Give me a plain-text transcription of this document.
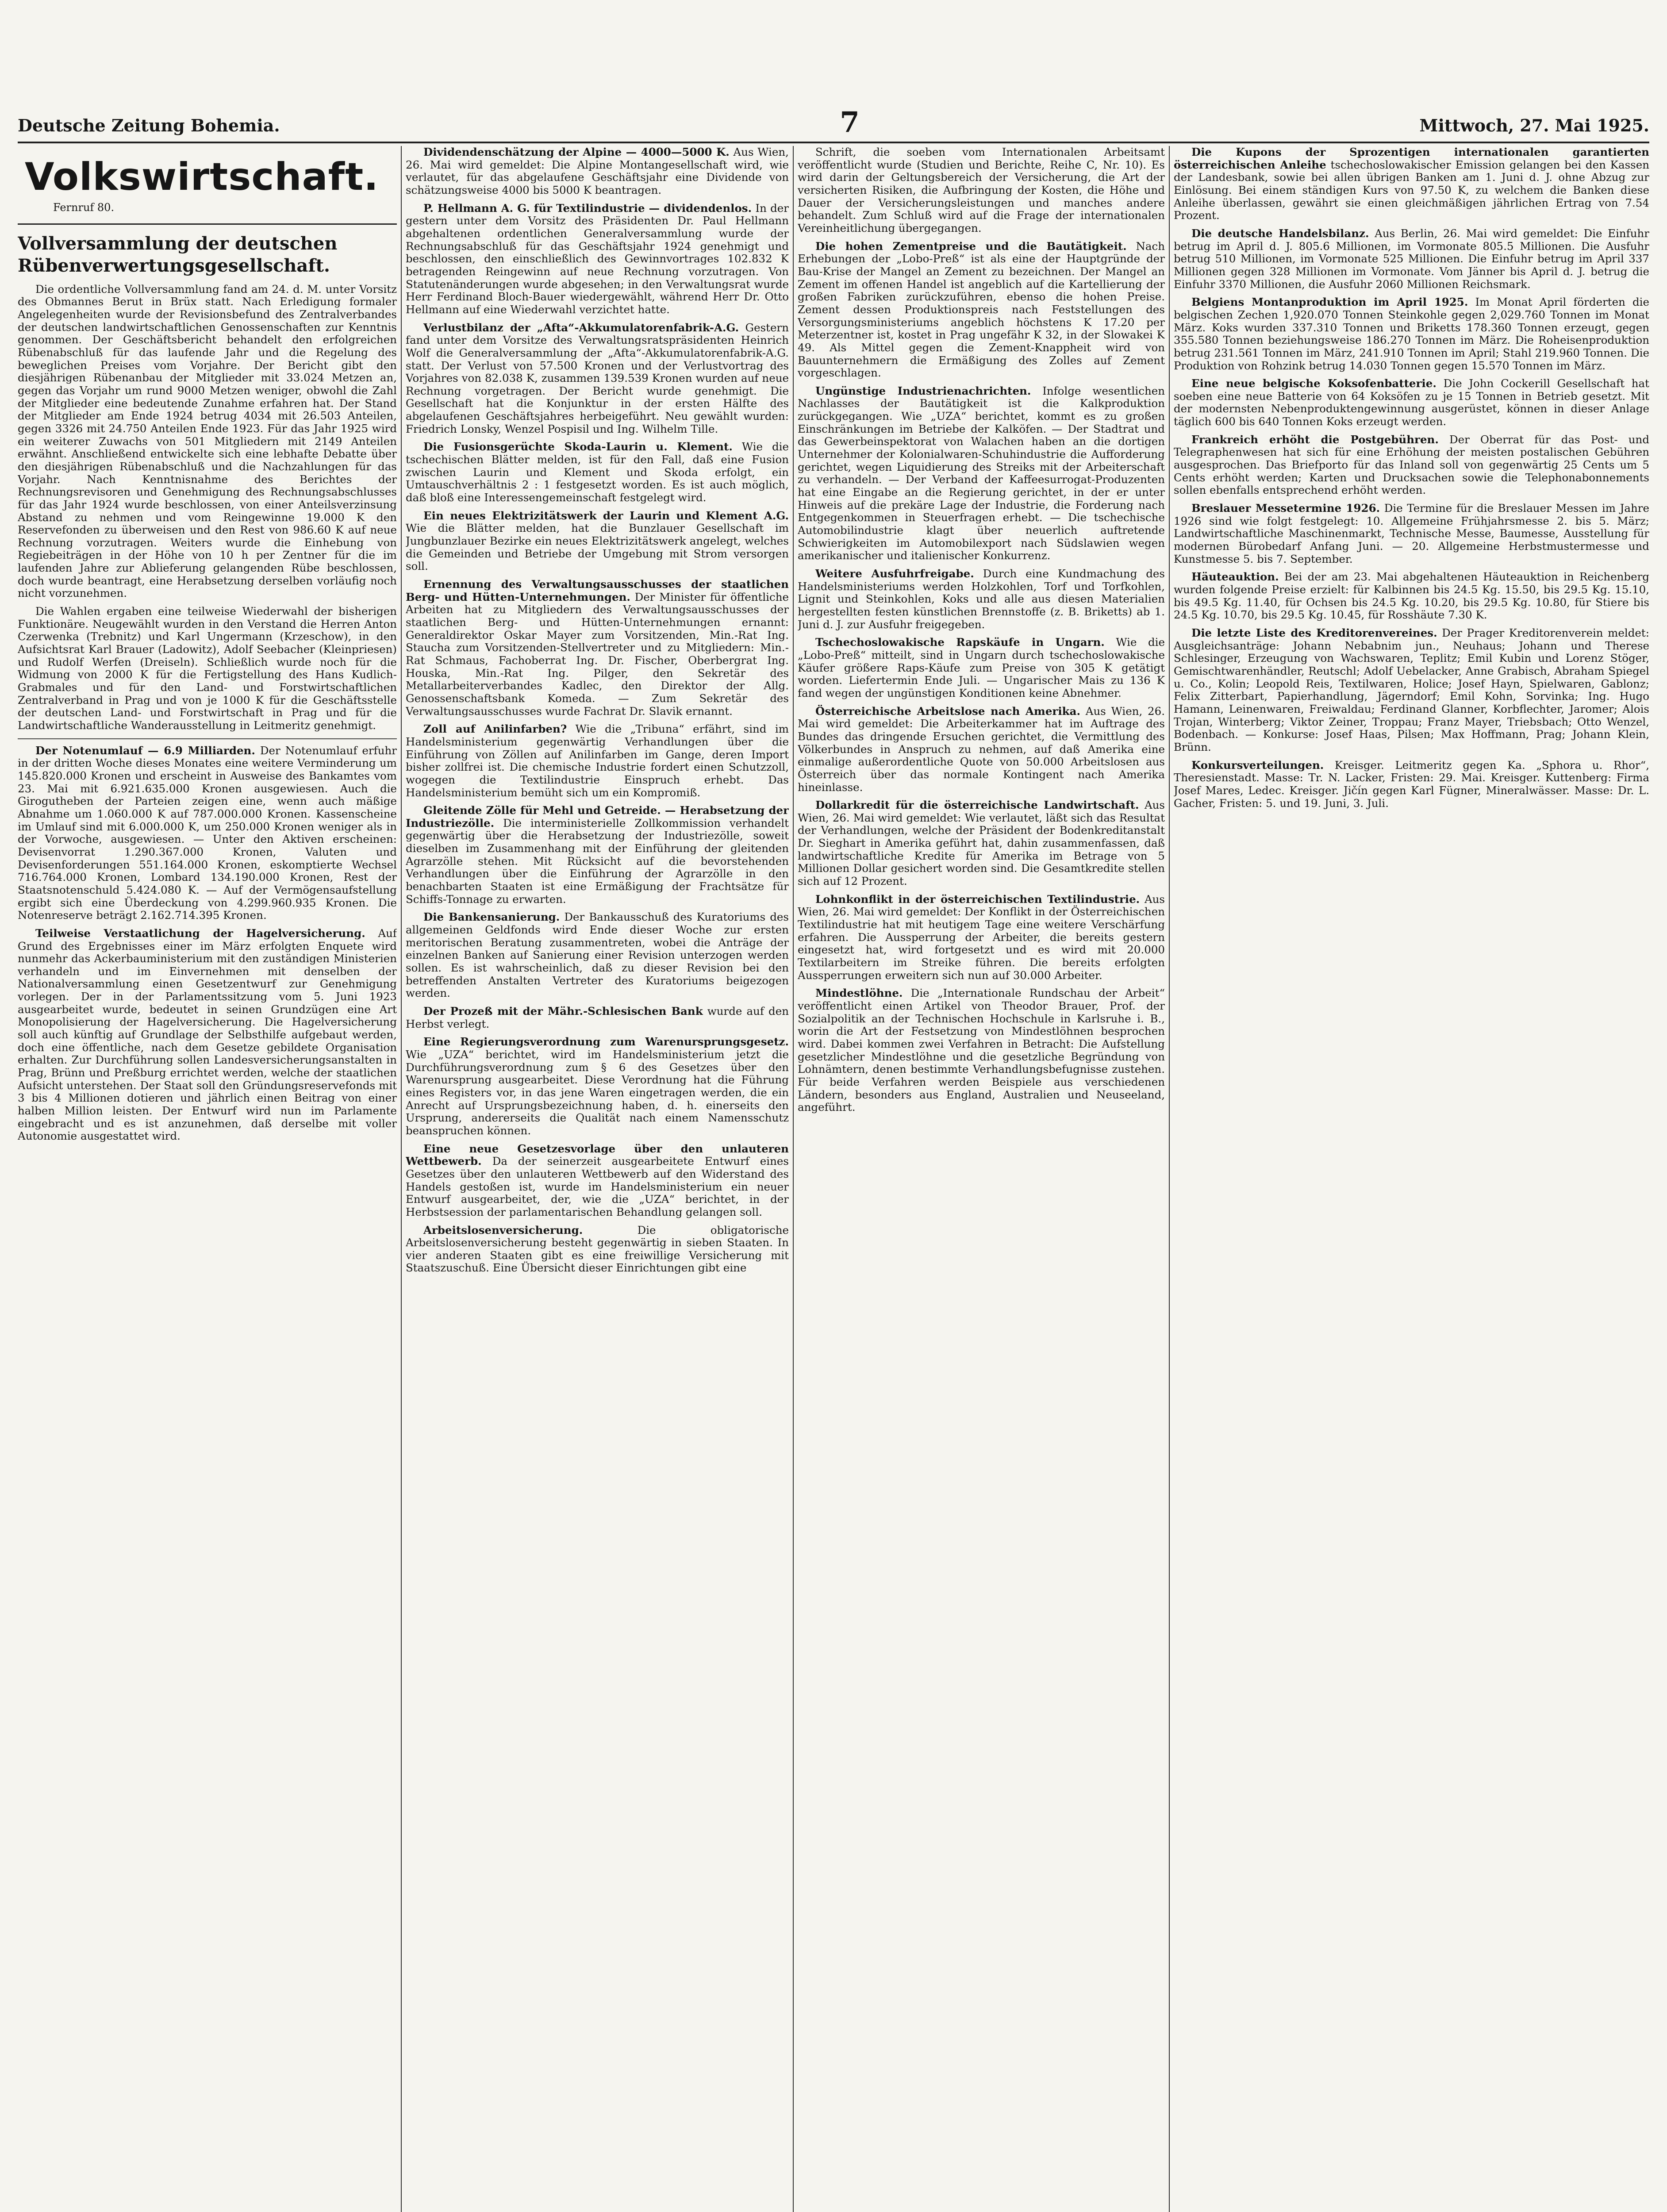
Deutsche Zeitung Bohemia.	7	Mittwoch, 27. Mai 1925.
Volkswirtschaft.
Fernruf 80.
Vollversammlung der deutschen Rübenverwertungsgesellschaft.

Die ordentliche Vollversammlung fand am 24. d. M. unter Vorsitz des Obmannes Berut in Brüx statt. Nach Erledigung formaler Angelegenheiten wurde der Revisionsbefund des Zentralverbandes der deutschen landwirtschaftlichen Genossenschaften zur Kenntnis genommen. Der Geschäftsbericht behandelt den erfolgreichen Rübenabschluß für das laufende Jahr und die Regelung des beweglichen Preises vom Vorjahre. Der Bericht gibt den diesjährigen Rübenanbau der Mitglieder mit 33.024 Metzen an, gegen das Vorjahr um rund 9000 Metzen weniger, obwohl die Zahl der Mitglieder eine bedeutende Zunahme erfahren hat. Der Stand der Mitglieder am Ende 1924 betrug 4034 mit 26.503 Anteilen, gegen 3326 mit 24.750 Anteilen Ende 1923. Für das Jahr 1925 wird ein weiterer Zuwachs von 501 Mitgliedern mit 2149 Anteilen erwähnt. Anschließend entwickelte sich eine lebhafte Debatte über den diesjährigen Rübenabschluß und die Nachzahlungen für das Vorjahr. Nach Kenntnisnahme des Berichtes der Rechnungsrevisoren und Genehmigung des Rechnungsabschlusses für das Jahr 1924 wurde beschlossen, von einer Anteilsverzinsung Abstand zu nehmen und vom Reingewinne 19.000 K den Reservefonden zu überweisen und den Rest von 986.60 K auf neue Rechnung vorzutragen. Weiters wurde die Einhebung von Regiebeiträgen in der Höhe von 10 h per Zentner für die im laufenden Jahre zur Ablieferung gelangenden Rübe beschlossen, doch wurde beantragt, eine Herabsetzung derselben vorläufig noch nicht vorzunehmen.

Die Wahlen ergaben eine teilweise Wiederwahl der bisherigen Funktionäre. Neugewählt wurden in den Verstand die Herren Anton Czerwenka (Trebnitz) und Karl Ungermann (Krzeschow), in den Aufsichtsrat Karl Brauer (Ladowitz), Adolf Seebacher (Kleinpriesen) und Rudolf Werfen (Dreiseln). Schließlich wurde noch für die Widmung von 2000 K für die Fertigstellung des Hans Kudlich-Grabmales und für den Land- und Forstwirtschaftlichen Zentralverband in Prag und von je 1000 K für die Geschäftsstelle der deutschen Land- und Forstwirtschaft in Prag und für die Landwirtschaftliche Wanderausstellung in Leitmeritz genehmigt.

Der Notenumlauf — 6.9 Milliarden. Der Notenumlauf erfuhr in der dritten Woche dieses Monates eine weitere Verminderung um 145.820.000 Kronen und erscheint in Ausweise des Bankamtes vom 23. Mai mit 6.921.635.000 Kronen ausgewiesen. Auch die Girogutheben der Parteien zeigen eine, wenn auch mäßige Abnahme um 1.060.000 K auf 787.000.000 Kronen. Kassenscheine im Umlauf sind mit 6.000.000 K, um 250.000 Kronen weniger als in der Vorwoche, ausgewiesen. — Unter den Aktiven erscheinen: Devisenvorrat 1.290.367.000 Kronen, Valuten und Devisenforderungen 551.164.000 Kronen, eskomptierte Wechsel 716.764.000 Kronen, Lombard 134.190.000 Kronen, Rest der Staatsnotenschuld 5.424.080 K. — Auf der Vermögensaufstellung ergibt sich eine Überdeckung von 4.299.960.935 Kronen. Die Notenreserve beträgt 2.162.714.395 Kronen.

Teilweise Verstaatlichung der Hagelversicherung. Auf Grund des Ergebnisses einer im März erfolgten Enquete wird nunmehr das Ackerbauministerium mit den zuständigen Ministerien verhandeln und im Einvernehmen mit denselben der Nationalversammlung einen Gesetzentwurf zur Genehmigung vorlegen. Der in der Parlamentssitzung vom 5. Juni 1923 ausgearbeitet wurde, bedeutet in seinen Grundzügen eine Art Monopolisierung der Hagelversicherung. Die Hagelversicherung soll auch künftig auf Grundlage der Selbsthilfe aufgebaut werden, doch eine öffentliche, nach dem Gesetze gebildete Organisation erhalten. Zur Durchführung sollen Landesversicherungsanstalten in Prag, Brünn und Preßburg errichtet werden, welche der staatlichen Aufsicht unterstehen. Der Staat soll den Gründungsreservefonds mit 3 bis 4 Millionen dotieren und jährlich einen Beitrag von einer halben Million leisten. Der Entwurf wird nun im Parlamente eingebracht und es ist anzunehmen, daß derselbe mit voller Autonomie ausgestattet wird.

Dividendenschätzung der Alpine — 4000—5000 K. Aus Wien, 26. Mai wird gemeldet: Die Alpine Montangesellschaft wird, wie verlautet, für das abgelaufene Geschäftsjahr eine Dividende von schätzungsweise 4000 bis 5000 K beantragen.

P. Hellmann A. G. für Textilindustrie — dividendenlos. In der gestern unter dem Vorsitz des Präsidenten Dr. Paul Hellmann abgehaltenen ordentlichen Generalversammlung wurde der Rechnungsabschluß für das Geschäftsjahr 1924 genehmigt und beschlossen, den einschließlich des Gewinnvortrages 102.832 K betragenden Reingewinn auf neue Rechnung vorzutragen. Von Statutenänderungen wurde abgesehen; in den Verwaltungsrat wurde Herr Ferdinand Bloch-Bauer wiedergewählt, während Herr Dr. Otto Hellmann auf eine Wiederwahl verzichtet hatte.

Verlustbilanz der „Afta“-Akkumulatorenfabrik-A.G. Gestern fand unter dem Vorsitze des Verwaltungsratspräsidenten Heinrich Wolf die Generalversammlung der „Afta“-Akkumulatorenfabrik-A.G. statt. Der Verlust von 57.500 Kronen und der Verlustvortrag des Vorjahres von 82.038 K, zusammen 139.539 Kronen wurden auf neue Rechnung vorgetragen. Der Bericht wurde genehmigt. Die Gesellschaft hat die Konjunktur in der ersten Hälfte des abgelaufenen Geschäftsjahres herbeigeführt. Neu gewählt wurden: Friedrich Lonsky, Wenzel Pospisil und Ing. Wilhelm Tille.

Die Fusionsgerüchte Skoda-Laurin u. Klement. Wie die tschechischen Blätter melden, ist für den Fall, daß eine Fusion zwischen Laurin und Klement und Skoda erfolgt, ein Umtauschverhältnis 2 : 1 festgesetzt worden. Es ist auch möglich, daß bloß eine Interessengemeinschaft festgelegt wird.

Ein neues Elektrizitätswerk der Laurin und Klement A.G. Wie die Blätter melden, hat die Bunzlauer Gesellschaft im Jungbunzlauer Bezirke ein neues Elektrizitätswerk angelegt, welches die Gemeinden und Betriebe der Umgebung mit Strom versorgen soll.

Ernennung des Verwaltungsausschusses der staatlichen Berg- und Hütten-Unternehmungen. Der Minister für öffentliche Arbeiten hat zu Mitgliedern des Verwaltungsausschusses der staatlichen Berg- und Hütten-Unternehmungen ernannt: Generaldirektor Oskar Mayer zum Vorsitzenden, Min.-Rat Ing. Staucha zum Vorsitzenden-Stellvertreter und zu Mitgliedern: Min.-Rat Schmaus, Fachoberrat Ing. Dr. Fischer, Oberbergrat Ing. Houska, Min.-Rat Ing. Pilger, den Sekretär des Metallarbeiterverbandes Kadlec, den Direktor der Allg. Genossenschaftsbank Komeda. — Zum Sekretär des Verwaltungsausschusses wurde Fachrat Dr. Slavik ernannt.

Zoll auf Anilinfarben? Wie die „Tribuna“ erfährt, sind im Handelsministerium gegenwärtig Verhandlungen über die Einführung von Zöllen auf Anilinfarben im Gange, deren Import bisher zollfrei ist. Die chemische Industrie fordert einen Schutzzoll, wogegen die Textilindustrie Einspruch erhebt. Das Handelsministerium bemüht sich um ein Kompromiß.

Gleitende Zölle für Mehl und Getreide. — Herabsetzung der Industriezölle. Die interministerielle Zollkommission verhandelt gegenwärtig über die Herabsetzung der Industriezölle, soweit dieselben im Zusammenhang mit der Einführung der gleitenden Agrarzölle stehen. Mit Rücksicht auf die bevorstehenden Verhandlungen über die Einführung der Agrarzölle in den benachbarten Staaten ist eine Ermäßigung der Frachtsätze für Schiffs-Tonnage zu erwarten.

Die Bankensanierung. Der Bankausschuß des Kuratoriums des allgemeinen Geldfonds wird Ende dieser Woche zur ersten meritorischen Beratung zusammentreten, wobei die Anträge der einzelnen Banken auf Sanierung einer Revision unterzogen werden sollen. Es ist wahrscheinlich, daß zu dieser Revision bei den betreffenden Anstalten Vertreter des Kuratoriums beigezogen werden.

Der Prozeß mit der Mähr.-Schlesischen Bank wurde auf den Herbst verlegt.

Eine Regierungsverordnung zum Warenursprungsgesetz. Wie „UZA“ berichtet, wird im Handelsministerium jetzt die Durchführungsverordnung zum § 6 des Gesetzes über den Warenursprung ausgearbeitet. Diese Verordnung hat die Führung eines Registers vor, in das jene Waren eingetragen werden, die ein Anrecht auf Ursprungsbezeichnung haben, d. h. einerseits den Ursprung, andererseits die Qualität nach einem Namensschutz beanspruchen können.

Eine neue Gesetzesvorlage über den unlauteren Wettbewerb. Da der seinerzeit ausgearbeitete Entwurf eines Gesetzes über den unlauteren Wettbewerb auf den Widerstand des Handels gestoßen ist, wurde im Handelsministerium ein neuer Entwurf ausgearbeitet, der, wie die „UZA“ berichtet, in der Herbstsession der parlamentarischen Behandlung gelangen soll.

Arbeitslosenversicherung.	Die obligatorische Arbeitslosenversicherung besteht gegenwärtig in sieben Staaten. In vier anderen Staaten gibt es eine freiwillige Versicherung mit Staatszuschuß. Eine Übersicht dieser Einrichtungen gibt eine

Schrift, die soeben vom Internationalen Arbeitsamt veröffentlicht wurde (Studien und Berichte, Reihe C, Nr. 10). Es wird darin der Geltungsbereich der Versicherung, die Art der versicherten Risiken, die Aufbringung der Kosten, die Höhe und Dauer der Versicherungsleistungen und manches andere behandelt. Zum Schluß wird auf die Frage der internationalen Vereinheitlichung übergegangen.

Die hohen Zementpreise und die Bautätigkeit. Nach Erhebungen der „Lobo-Preß“ ist als eine der Hauptgründe der Bau-Krise der Mangel an Zement zu bezeichnen. Der Mangel an Zement im offenen Handel ist angeblich auf die Kartellierung der großen Fabriken zurückzuführen, ebenso die hohen Preise. Zement dessen Produktionspreis nach Feststellungen des Versorgungsministeriums angeblich höchstens K 17.20 per Meterzentner ist, kostet in Prag ungefähr K 32, in der Slowakei K 49. Als Mittel gegen die Zement-Knappheit wird von Bauunternehmern die Ermäßigung des Zolles auf Zement vorgeschlagen.

Ungünstige Industrienachrichten. Infolge wesentlichen Nachlasses der Bautätigkeit ist die Kalkproduktion zurückgegangen. Wie „UZA“ berichtet, kommt es zu großen Einschränkungen im Betriebe der Kalköfen. — Der Stadtrat und das Gewerbeinspektorat von Walachen haben an die dortigen Unternehmer der Kolonialwaren-Schuhindustrie die Aufforderung gerichtet, wegen Liquidierung des Streiks mit der Arbeiterschaft zu verhandeln. — Der Verband der Kaffeesurrogat-Produzenten hat eine Eingabe an die Regierung gerichtet, in der er unter Hinweis auf die prekäre Lage der Industrie, die Forderung nach Entgegenkommen in Steuerfragen erhebt. — Die tschechische Automobilindustrie klagt über neuerlich auftretende Schwierigkeiten im Automobilexport nach Südslawien wegen amerikanischer und italienischer Konkurrenz.

Weitere Ausfuhrfreigabe. Durch eine Kundmachung des Handelsministeriums werden Holzkohlen, Torf und Torfkohlen, Lignit und Steinkohlen, Koks und alle aus diesen Materialien hergestellten festen künstlichen Brennstoffe (z. B. Briketts) ab 1. Juni d. J. zur Ausfuhr freigegeben.

Tschechoslowakische Rapskäufe in Ungarn. Wie die „Lobo-Preß“ mitteilt, sind in Ungarn durch tschechoslowakische Käufer größere Raps-Käufe zum Preise von 305 K getätigt worden. Liefertermin Ende Juli. — Ungarischer Mais zu 136 K fand wegen der ungünstigen Konditionen keine Abnehmer.

Österreichische Arbeitslose nach Amerika. Aus Wien, 26. Mai wird gemeldet: Die Arbeiterkammer hat im Auftrage des Bundes das dringende Ersuchen gerichtet, die Vermittlung des Völkerbundes in Anspruch zu nehmen, auf daß Amerika eine einmalige außerordentliche Quote von 50.000 Arbeitslosen aus Österreich über das normale Kontingent nach Amerika hineinlasse.

Dollarkredit für die österreichische Landwirtschaft. Aus Wien, 26. Mai wird gemeldet: Wie verlautet, läßt sich das Resultat der Verhandlungen, welche der Präsident der Bodenkreditanstalt Dr. Sieghart in Amerika geführt hat, dahin zusammenfassen, daß landwirtschaftliche Kredite für Amerika im Betrage von 5 Millionen Dollar gesichert worden sind. Die Gesamtkredite stellen sich auf 12 Prozent.

Lohnkonflikt in der österreichischen Textilindustrie. Aus Wien, 26. Mai wird gemeldet: Der Konflikt in der Österreichischen Textilindustrie hat mit heutigem Tage eine weitere Verschärfung erfahren. Die Aussperrung der Arbeiter, die bereits gestern eingesetzt hat, wird fortgesetzt und es wird mit 20.000 Textilarbeitern im Streike führen. Die bereits erfolgten Aussperrungen erweitern sich nun auf 30.000 Arbeiter.

Mindestlöhne. Die „Internationale Rundschau der Arbeit“ veröffentlicht einen Artikel von Theodor Brauer, Prof. der Sozialpolitik an der Technischen Hochschule in Karlsruhe i. B., worin die Art der Festsetzung von Mindestlöhnen besprochen wird. Dabei kommen zwei Verfahren in Betracht: Die Aufstellung gesetzlicher Mindestlöhne und die gesetzliche Begründung von Lohnämtern, denen bestimmte Verhandlungsbefugnisse zustehen. Für beide Verfahren werden Beispiele aus verschiedenen Ländern, besonders aus England, Australien und Neuseeland, angeführt.

Die Kupons der Sprozentigen internationalen garantierten österreichischen Anleihe tschechoslowakischer Emission gelangen bei den Kassen der Landesbank, sowie bei allen übrigen Banken am 1. Juni d. J. ohne Abzug zur Einlösung. Bei einem ständigen Kurs von 97.50 K, zu welchem die Banken diese Anleihe überlassen, gewährt sie einen gleichmäßigen jährlichen Ertrag von 7.54 Prozent.

Die deutsche Handelsbilanz. Aus Berlin, 26. Mai wird gemeldet: Die Einfuhr betrug im April d. J. 805.6 Millionen, im Vormonate 805.5 Millionen. Die Ausfuhr betrug 510 Millionen, im Vormonate 525 Millionen. Die Einfuhr betrug im April 337 Millionen gegen 328 Millionen im Vormonate. Vom Jänner bis April d. J. betrug die Einfuhr 3370 Millionen, die Ausfuhr 2060 Millionen Reichsmark.

Belgiens Montanproduktion im April 1925. Im Monat April förderten die belgischen Zechen 1,920.070 Tonnen Steinkohle gegen 2,029.760 Tonnen im Monat März. Koks wurden 337.310 Tonnen und Briketts 178.360 Tonnen erzeugt, gegen 355.580 Tonnen beziehungsweise 186.270 Tonnen im März. Die Roheisenproduktion betrug 231.561 Tonnen im März, 241.910 Tonnen im April; Stahl 219.960 Tonnen. Die Produktion von Rohzink betrug 14.030 Tonnen gegen 15.570 Tonnen im März.

Eine neue belgische Koksofenbatterie. Die John Cockerill Gesellschaft hat soeben eine neue Batterie von 64 Koksöfen zu je 15 Tonnen in Betrieb gesetzt. Mit der modernsten Nebenproduktengewinnung ausgerüstet, können in dieser Anlage täglich 600 bis 640 Tonnen Koks erzeugt werden.

Frankreich erhöht die Postgebühren. Der Oberrat für das Post- und Telegraphenwesen hat sich für eine Erhöhung der meisten postalischen Gebühren ausgesprochen. Das Briefporto für das Inland soll von gegenwärtig 25 Cents um 5 Cents erhöht werden; Karten und Drucksachen sowie die Telephonabonnements sollen ebenfalls entsprechend erhöht werden.

Breslauer Messetermine 1926. Die Termine für die Breslauer Messen im Jahre 1926 sind wie folgt festgelegt: 10. Allgemeine Frühjahrsmesse 2. bis 5. März; Landwirtschaftliche Maschinenmarkt, Technische Messe, Baumesse, Ausstellung für modernen Bürobedarf Anfang Juni. — 20. Allgemeine Herbstmustermesse und Kunstmesse 5. bis 7. September.

Häuteauktion. Bei der am 23. Mai abgehaltenen Häuteauktion in Reichenberg wurden folgende Preise erzielt: für Kalbinnen bis 24.5 Kg. 15.50, bis 29.5 Kg. 15.10, bis 49.5 Kg. 11.40, für Ochsen bis 24.5 Kg. 10.20, bis 29.5 Kg. 10.80, für Stiere bis 24.5 Kg. 10.70, bis 29.5 Kg. 10.45, für Rosshäute 7.30 K.

Die letzte Liste des Kreditorenvereines. Der Prager Kreditorenverein meldet: Ausgleichsanträge: Johann Nebabnim jun., Neuhaus; Johann und Therese Schlesinger, Erzeugung von Wachswaren, Teplitz; Emil Kubin und Lorenz Stöger, Gemischtwarenhändler, Reutschl; Adolf Uebelacker, Anne Grabisch, Abraham Spiegel u. Co., Kolin; Leopold Reis, Textilwaren, Holice; Josef Hayn, Spielwaren, Gablonz; Felix Zitterbart, Papierhandlung, Jägerndorf; Emil Kohn, Sorvinka; Ing. Hugo Hamann, Leinenwaren, Freiwaldau; Ferdinand Glanner, Korbflechter, Jaromer; Alois Trojan, Winterberg; Viktor Zeiner, Troppau; Franz Mayer, Triebsbach; Otto Wenzel, Bodenbach. — Konkurse: Josef Haas, Pilsen; Max Hoffmann, Prag; Johann Klein, Brünn.

Konkursverteilungen. Kreisger. Leitmeritz gegen Ka. „Sphora u. Rhor“, Theresienstadt. Masse: Tr. N. Lacker, Fristen: 29. Mai. Kreisger. Kuttenberg: Firma Josef Mares, Ledec. Kreisger. Jičín gegen Karl Fügner, Mineralwässer. Masse: Dr. L. Gacher, Fristen: 5. und 19. Juni, 3. Juli.
